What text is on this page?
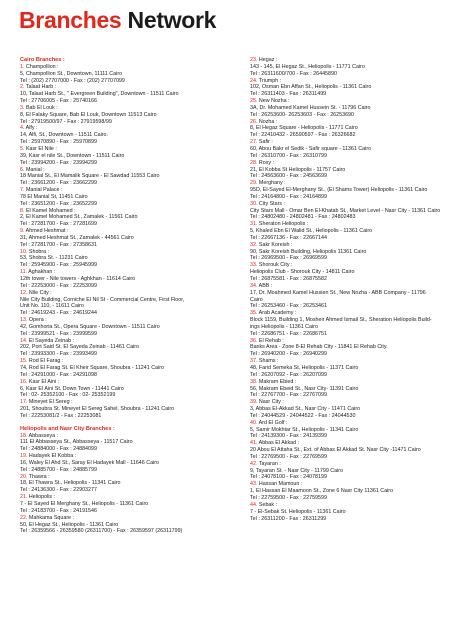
Branches Network
Cairo Branches :
1. Champollion :
5, Champollion St., Downtown, 11111 Cairo
Tel : (202) 27707000 - Fax : (202) 27707099
2. Talaat Harb :
10, Talaat Harb St., " Evergreen Building", Downtown - 11511 Cairo
Tel : 27706005 - Fax : 25740166
3. Bab El Louk :
8, El Falaky Square, Bab El Louk, Downtown 11513 Cairo
Tel : 27919500/97 - Fax : 27919598/99
4. Alfy :
14, Alfi, St., Downtown - 11511 Cairo.
Tel : 25970890 - Fax : 25970899
5. Kasr El Nile :
39, Kasr el nile St., Downtown - 11511 Cairo
Tel : 23994200 - Fax : 23994299
6. Manial :
18 Manial St., El Mamalik Square - El Sawdad 11553 Cairo
Tel : 23661200 - Fax : 23662299
7. Manial Palace :
78 El Manial St, 11451 Cairo
Tel : 23651200 - Fax : 23652299
8. El Kamel Mohamed :
2, El Kamel Mohamed St., Zamalek - 11561 Cairo
Tel : 27281700 - Fax : 27281699
9. Ahmed Heshmat :
31, Ahmed Heshmat St., Zamalek - 44561 Cairo
Tel : 27281700 - Fax : 27358631
10. Shobra :
53, Shobra St. - 11231 Cairo
Tel : 25945900 - Fax : 25945999
11. Aghakhan :
12th tower - Nile towers - Aghkhan - 11614 Cairo
Tel : 22253000 - Fax : 22253099
12. Nile City :
Nile City Building, Corniche El Nil St - Commercial Centre, First Floor,
Unit No. 110, - 11611 Cairo
Tel : 24619243 - Fax : 24619244
13. Opera :
42, Gomhoria St., Opera Square - Downtown - 11511 Cairo
Tel : 23999521 - Fax : 23999599
14. El Sayeda Zeinab :
202, Port Said St. El Sayeda Zeinab - 11461 Cairo
Tel : 23993300 - Fax : 23993499
15. Rod El Farag :
74, Rod El Farag St. El Kheir Square, Shoubra - 11241 Cairo
Tel : 24291000 - Fax : 24291098
16. Kasr El Aini :
6, Kasr El Aini St. Down Town - 11441 Cairo
Tel : 02- 25352100 - Fax : 02- 25352199
17. Mineyet El Sereg :
201, Shoubra St. Mineyet El Sereg Sahel, Shoubra - 11241 Cairo
Tel : 22253081/2 - Fax : 22253081
Heliopolis and Nasr City Branches :
18. Abbasseya :
111 El Abbasseya St., Abbasseya - 11517 Cairo
Tel : 24884000 - Fax : 24884099
19. Hadayek El Kobba :
16, Waley El Ahd St., Saray El Hadayek Mall - 11646 Cairo
Tel : 24885700 - Fax : 24885799
20. Thawra :
18, El Thawra St., Heliopolis - 11341 Cairo
Tel : 24136300 - Fax : 22903277
21. Heliopolis :
7 - El Sayed El Merghany St., Heliopolis - 11361 Cairo
Tel : 24183700 - Fax : 24191546
22. Mahkama Square :
50, El Hegaz St., Heliopolis - 11361 Cairo
Tel : 26359566 - 26359580 (26311700) - Fax : 26359597 (26311799)
23. Hegaz :
143 - 145, El Hegaz St., Heliopolis - 11771 Cairo
Tel : 26311600/700 - Fax : 26445890
24. Triumph :
102, Osman Ebn Affan St., Heliopolis - 11361 Cairo
Tel : 26311403 - Fax : 26311499
25. New Nozha :
3A, Dr. Mohamed Kamel Hussein St. - 11796 Cairo
Tel : 26253600- 26253603 - Fax : 26253690
26. Nozha :
8, El Hegaz Square - Heliopolis - 11771 Cairo
Tel : 22410432 - 26590597 - Fax : 26326682
27. Safir :
60, Abou Bakr el Sedik - Safir square - 11361 Cairo
Tel : 26310700 - Fax : 26310799
28. Roxy :
21, El Kobba St Heliopolis - 11757 Cairo
Tel : 24563600 - Fax : 24563699
29. Merghany :
95D, El-Sayed El-Merghany St., (El Shams Tower) Heliopolis - 11361 Cairo
Tel : 24164800 - Fax : 24164899
30. City Stars :
City Stars Mall - Omar Ben El-Khatab St., Market Level - Nasr City - 11361 Cairo
Tel : 24802480 - 24802481 - Fax : 24802483
31. Sheraton Heliopolis :
5, Khaled Ebn El Walid St., Heliopolis - 11361 Cairo
Tel : 22667136 - Fax : 22667144
32. Sakr Koreish :
90, Sakr Koreish Building, Heliopolis 11361 Cairo
Tel : 26969500 - Fax : 26969599
33. Shorouk City :
Heliopolis Club - Shorouk City - 14811 Cairo
Tel : 26875581 - Fax : 26875582
34. ABB :
17, Dr. Moahmed Kamel Hussien St., New Nozha - ABB Company - 11796
Cairo
Tel : 26253460 - Fax : 26253461
35. Arab Academy :
Block 1159, Building 1, Mosheir Ahmed Ismail St., Sheration Heliopolis Build-
ings Heliopolis - 11361 Cairo
Tel : 22686751 - Fax : 22686751
36. El Rehab :
Banks Area - Zone 8-El Rehab City - 11841 El Rehab City.
Tel : 26940200 - Fax : 26940299
37. Shams :
48, Farid Semeka St, Heliopolis - 11371 Cairo
Tel : 26207092 - Fax : 26207099
38. Makram Ebied :
56, Makram Ebeid St., Nasr City- 11391 Cairo
Tel : 22767700 - Fax : 22767099
39. Nasr City :
3, Abbas El-Akkad St., Nasr City - 11471 Cairo
Tel : 24044529 - 24044522 - Fax : 24044530
40. Ard El Golf :
5, Samir Mokhtar St., Heliopolis - 11341 Cairo
Tel : 24139300 - Fax : 24139399
41. Abbas El Akkad :
20 Abou El Attaha St., Ext. of Abbas El Akkad St. Nasr City -11471 Cairo
Tel : 22769500 - Fax : 22769599
42. Tayaran :
9, Tayaran St. - Nasr City - 11799 Cairo
Tel : 24078100 - Fax : 24078199
43. Hassan Mamoun :
1, El Hassan El Maamoon St., Zone 6 Nasr City 11361 Cairo
Tel : 22759500 - Fax : 22759599
44. Sebak :
7 - El-Sebak St. Heliopolis - 11361 Cairo
Tel : 26311200 - Fax : 26311299
